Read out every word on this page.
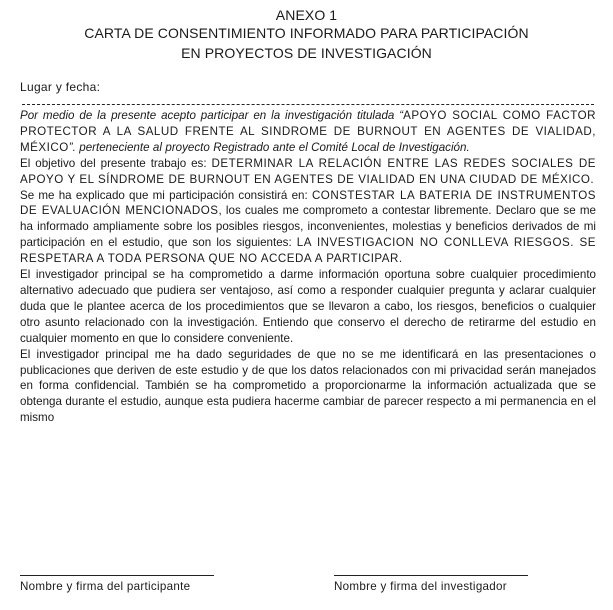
ANEXO 1
CARTA DE CONSENTIMIENTO INFORMADO PARA PARTICIPACIÓN
EN PROYECTOS DE INVESTIGACIÓN
Lugar y fecha:

Por medio de la presente acepto participar en la investigación titulada “APOYO SOCIAL COMO FACTOR PROTECTOR A LA SALUD FRENTE AL SINDROME DE BURNOUT EN AGENTES DE VIALIDAD, MÉXICO”. perteneciente al proyecto Registrado ante el Comité Local de Investigación.

El objetivo del presente trabajo es: DETERMINAR LA RELACIÓN ENTRE LAS REDES SOCIALES DE APOYO Y EL SÍNDROME DE BURNOUT EN AGENTES DE VIALIDAD EN UNA CIUDAD DE MÉXICO.

Se me ha explicado que mi participación consistirá en: CONSTESTAR LA BATERIA DE INSTRUMENTOS DE EVALUACIÓN MENCIONADOS, los cuales me comprometo a contestar libremente. Declaro que se me ha informado ampliamente sobre los posibles riesgos, inconvenientes, molestias y beneficios derivados de mi participación en el estudio, que son los siguientes: LA INVESTIGACION NO CONLLEVA RIESGOS. SE RESPETARA A TODA PERSONA QUE NO ACCEDA A PARTICIPAR.

El investigador principal se ha comprometido a darme información oportuna sobre cualquier procedimiento alternativo adecuado que pudiera ser ventajoso, así como a responder cualquier pregunta y aclarar cualquier duda que le plantee acerca de los procedimientos que se llevaron a cabo, los riesgos, beneficios o cualquier otro asunto relacionado con la investigación. Entiendo que conservo el derecho de retirarme del estudio en cualquier momento en que lo considere conveniente.

El investigador principal me ha dado seguridades de que no se me identificará en las presentaciones o publicaciones que deriven de este estudio y de que los datos relacionados con mi privacidad serán manejados en forma confidencial. También se ha comprometido a proporcionarme la información actualizada que se obtenga durante el estudio, aunque esta pudiera hacerme cambiar de parecer respecto a mi permanencia en el mismo

Nombre y firma del participante	Nombre y firma del investigador
